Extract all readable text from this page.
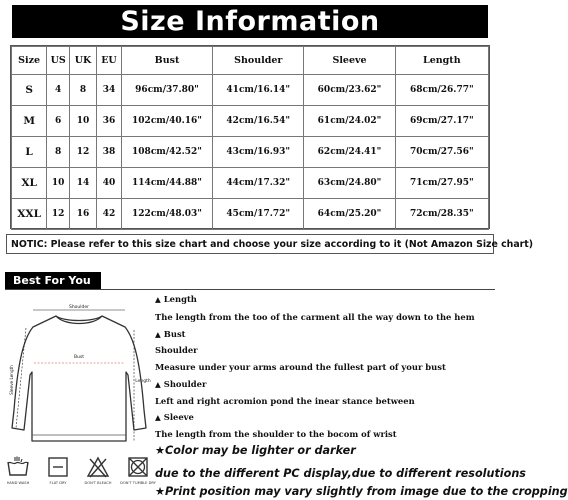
Size Information
Size	US	UK	EU	Bust	Shoulder	Sleeve	Length
S	4	8	34	96cm/37.80"	41cm/16.14"	60cm/23.62"	68cm/26.77"
M	6	10	36	102cm/40.16"	42cm/16.54"	61cm/24.02"	69cm/27.17"
L	8	12	38	108cm/42.52"	43cm/16.93"	62cm/24.41"	70cm/27.56"
XL	10	14	40	114cm/44.88"	44cm/17.32"	63cm/24.80"	71cm/27.95"
XXL	12	16	42	122cm/48.03"	45cm/17.72"	64cm/25.20"	72cm/28.35"
NOTIC: Please refer to this size chart and choose your size according to it (Not Amazon Size chart)
Best For You
Shoulder
Bust
Length
Sleeve Length
HAND WASH	FLAT DRY	DON'T BLEACH DON'T TUMBLE DRY
▲ Length
The length from the too of the carment all the way down to the hem
▲ Bust
Shoulder
Measure under your arms around the fullest part of your bust
▲ Shoulder
Left and right acromion pond the inear stance between
▲ Sleeve
The length from the shoulder to the bocom of wrist
★ Color may be lighter or darker
due to the different PC display,due to different resolutions
★ Print position may vary slightly from image due to the cropping
